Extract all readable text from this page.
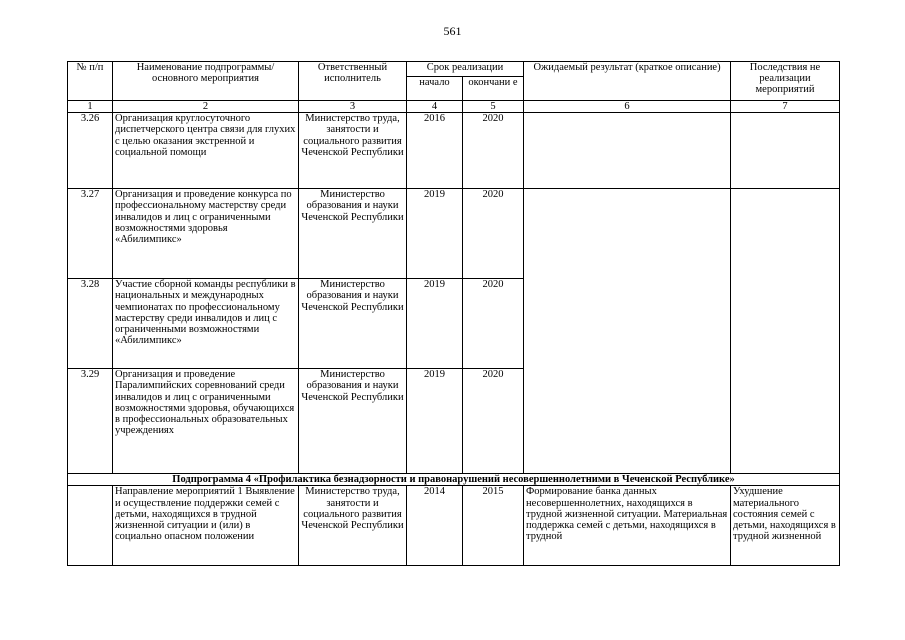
561
№ п/п	Наименование подпрограммы/ основного мероприятия	Ответственный исполнитель	Срок реализации		Ожидаемый результат (краткое описание)	Последствия не реализации мероприятий
			начало	окончани е		
1	2	3	4	5	6	7
3.26	Организация круглосуточного диспетчерского центра связи для глухих с целью оказания экстренной и социальной помощи	Министерство труда, занятости и социального развития Чеченской Республики	2016	2020		
3.27	Организация и проведение конкурса по профессиональному мастерству среди инвалидов и лиц с ограниченными возможностями здоровья «Абилимпикс»	Министерство образования и науки Чеченской Республики	2019	2020		
3.28	Участие сборной команды республики в национальных и международных чемпионатах по профессиональному мастерству среди инвалидов и лиц с ограниченными возможностями «Абилимпикс»	Министерство образования и науки Чеченской Республики	2019	2020		
3.29	Организация и проведение Паралимпийских соревнований среди инвалидов и лиц с ограниченными возможностями здоровья, обучающихся в профессиональных образовательных учреждениях	Министерство образования и науки Чеченской Республики	2019	2020		
Подпрограмма 4 «Профилактика безнадзорности и правонарушений несовершеннолетними в Чеченской Республике»						
	Направление мероприятий 1 Выявление и осуществление поддержки семей с детьми, находящихся в трудной жизненной ситуации и (или) в социально опасном положении	Министерство труда, занятости и социального развития Чеченской Республики	2014	2015	Формирование банка данных несовершеннолетних, находящихся в трудной жизненной ситуации. Материальная поддержка семей с детьми, находящихся в трудной	Ухудшение материального состояния семей с детьми, находящихся в трудной жизненной
